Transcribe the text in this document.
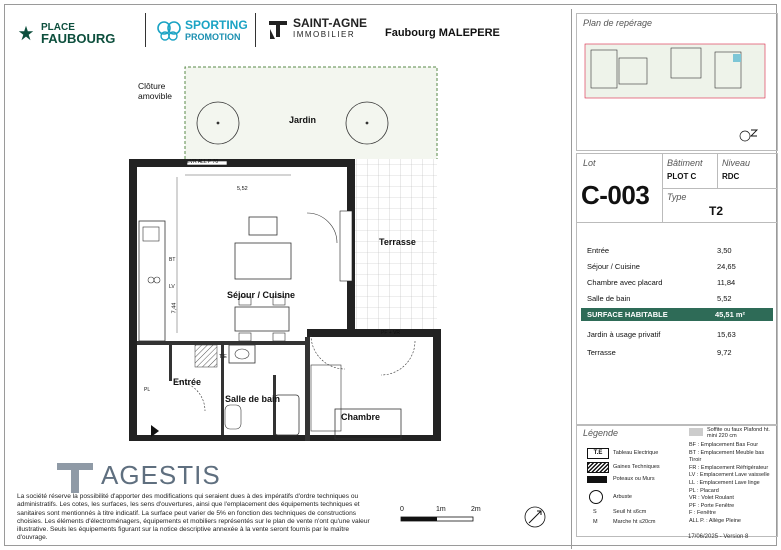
PLACE
FAUBOURG
SPORTING
PROMOTION
SAINT-AGNE
IMMOBILIER	Faubourg MALEPERE
Clôture
amovible
Jardin
Terrasse
Séjour / Cuisine
Entrée
Salle de bain
Chambre
eVR ALL P 70
5,52
7,44
PF + VR
T.E
BT
LV
PL
0	1m	2m
AGESTIS
La société réserve la possibilité d'apporter des modifications qui seraient dues à des impératifs d'ordre techniques ou administratifs. Les cotes, les surfaces, les sens d'ouvertures, ainsi que l'emplacement des équipements techniques et sanitaires sont mentionnés à titre indicatif. La surface peut varier de 5% en fonction des techniques de constructions choisies. Les éléments d'électroménagers, équipements et mobiliers représentés sur le plan de vente n'ont qu'une valeur illustrative. Seuls les équipements figurant sur la notice descriptive annexée à la vente seront fournis par le maître d'ouvrage.
Plan de repérage
Lot
C-003
Bâtiment
PLOT C
Niveau
RDC
Type
T2
Entrée	3,50
Séjour / Cuisine	24,65
Chambre avec placard	11,84
Salle de bain	5,52
SURFACE HABITABLE	45,51 m²
Jardin à usage privatif	15,63
Terrasse	9,72
Légende	Soffite ou faux Plafond ht. mini 220 cm
T.E	Tableau Electrique
Gaines Techniques
Poteaux ou Murs
Arbuste
S	Seuil ht ≤6cm
M	Marche ht ≤20cm
BF : Emplacement Bas Four
BT : Emplacement Meuble bas Tiroir
FR : Emplacement Réfrigérateur
LV : Emplacement Lave vaisselle
LL : Emplacement Lave linge
PL : Placard
VR : Volet Roulant
PF : Porte Fenêtre
F : Fenêtre
ALL P. : Allège Pleine
17/06/2025 - Version 8
